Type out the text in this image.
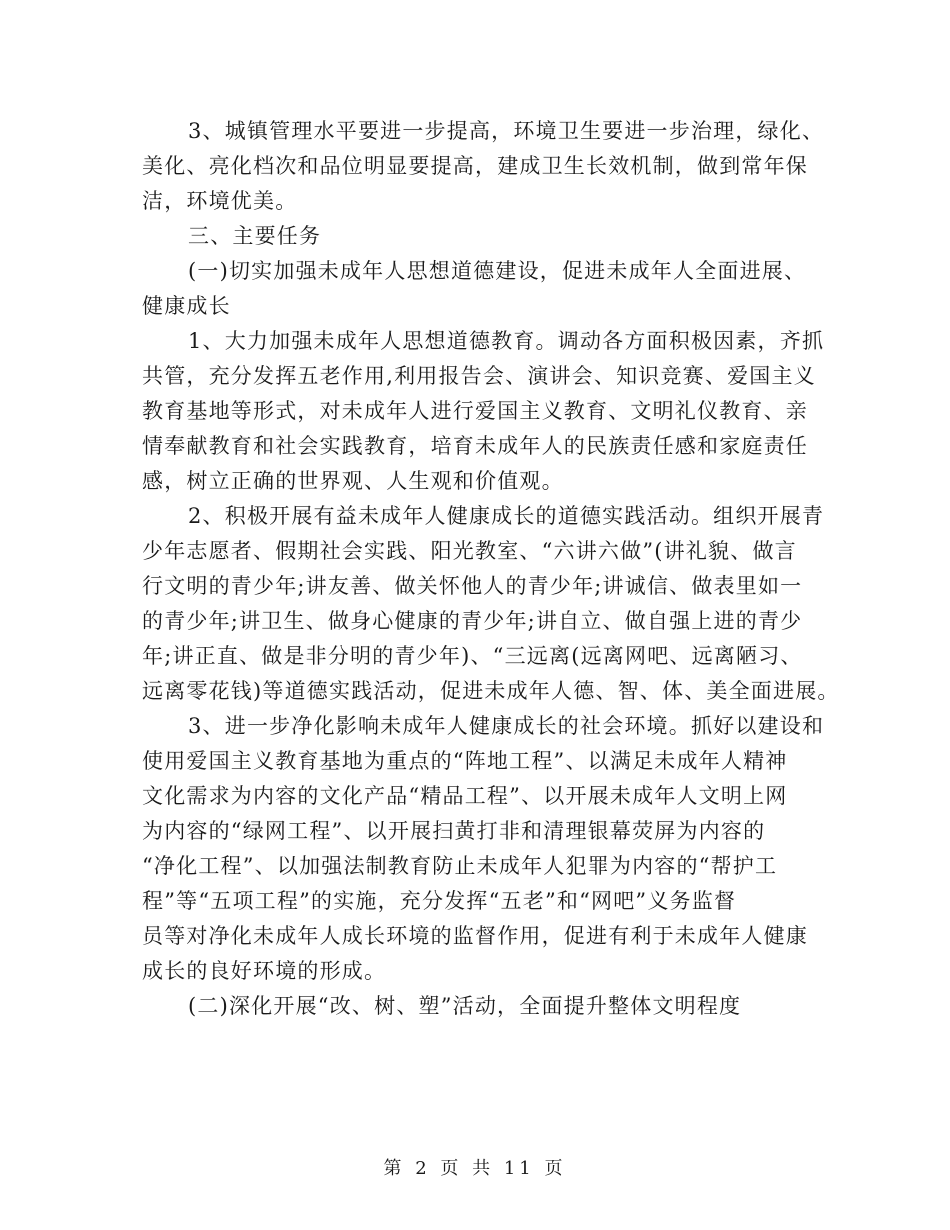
3、城镇管理水平要进一步提高，环境卫生要进一步治理，绿化、
美化、亮化档次和品位明显要提高，建成卫生长效机制，做到常年保
洁，环境优美。
三、主要任务
(一)切实加强未成年人思想道德建设，促进未成年人全面进展、
健康成长
1、大力加强未成年人思想道德教育。调动各方面积极因素，齐抓
共管，充分发挥五老作用,利用报告会、演讲会、知识竞赛、爱国主义
教育基地等形式，对未成年人进行爱国主义教育、文明礼仪教育、亲
情奉献教育和社会实践教育，培育未成年人的民族责任感和家庭责任
感，树立正确的世界观、人生观和价值观。
2、积极开展有益未成年人健康成长的道德实践活动。组织开展青
少年志愿者、假期社会实践、阳光教室、“六讲六做”(讲礼貌、做言
行文明的青少年;讲友善、做关怀他人的青少年;讲诚信、做表里如一
的青少年;讲卫生、做身心健康的青少年;讲自立、做自强上进的青少
年;讲正直、做是非分明的青少年)、“三远离(远离网吧、远离陋习、
远离零花钱)等道德实践活动，促进未成年人德、智、体、美全面进展。
3、进一步净化影响未成年人健康成长的社会环境。抓好以建设和
使用爱国主义教育基地为重点的“阵地工程”、以满足未成年人精神
文化需求为内容的文化产品“精品工程”、以开展未成年人文明上网
为内容的“绿网工程”、以开展扫黄打非和清理银幕荧屏为内容的
“净化工程”、以加强法制教育防止未成年人犯罪为内容的“帮护工
程”等“五项工程”的实施，充分发挥“五老”和“网吧”义务监督
员等对净化未成年人成长环境的监督作用，促进有利于未成年人健康
成长的良好环境的形成。
(二)深化开展“改、树、塑”活动，全面提升整体文明程度
第 2 页 共 11 页
